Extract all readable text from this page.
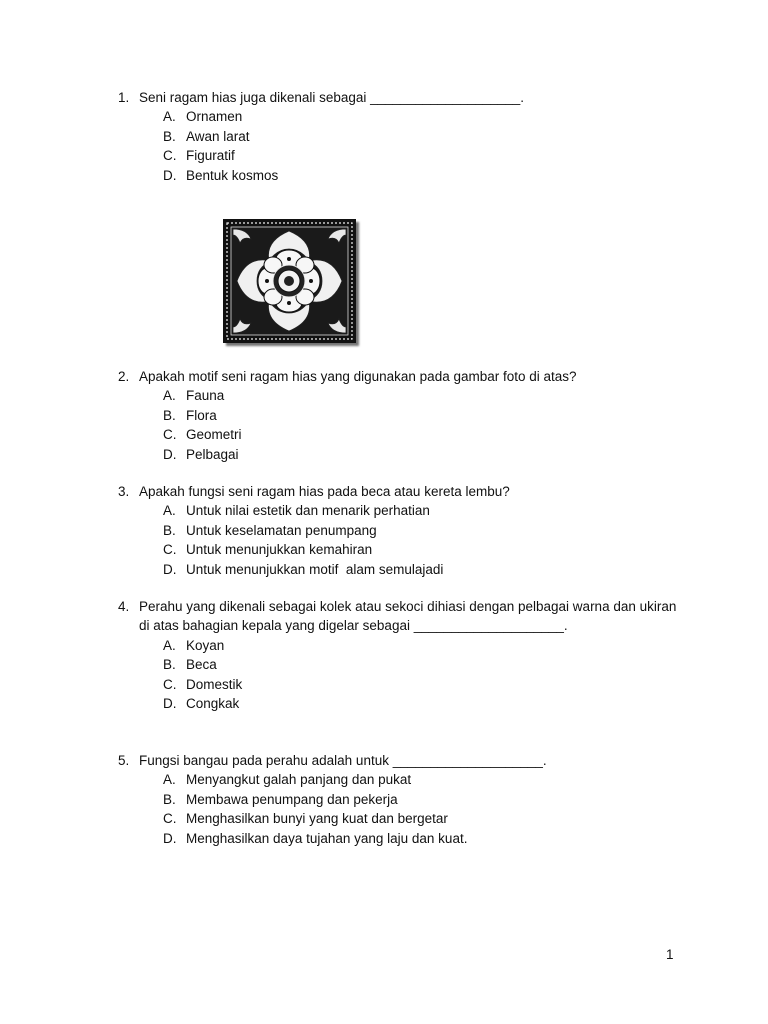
1. Seni ragam hias juga dikenali sebagai ____________________.
A. Ornamen
B. Awan larat
C. Figuratif
D. Bentuk kosmos
2. Apakah motif seni ragam hias yang digunakan pada gambar foto di atas?
A. Fauna
B. Flora
C. Geometri
D. Pelbagai
3. Apakah fungsi seni ragam hias pada beca atau kereta lembu?
A. Untuk nilai estetik dan menarik perhatian
B. Untuk keselamatan penumpang
C. Untuk menunjukkan kemahiran
D. Untuk menunjukkan motif  alam semulajadi
4. Perahu yang dikenali sebagai kolek atau sekoci dihiasi dengan pelbagai warna dan ukiran di atas bahagian kepala yang digelar sebagai ____________________.
A. Koyan
B. Beca
C. Domestik
D. Congkak
5. Fungsi bangau pada perahu adalah untuk ____________________.
A. Menyangkut galah panjang dan pukat
B. Membawa penumpang dan pekerja
C. Menghasilkan bunyi yang kuat dan bergetar
D. Menghasilkan daya tujahan yang laju dan kuat.
1
